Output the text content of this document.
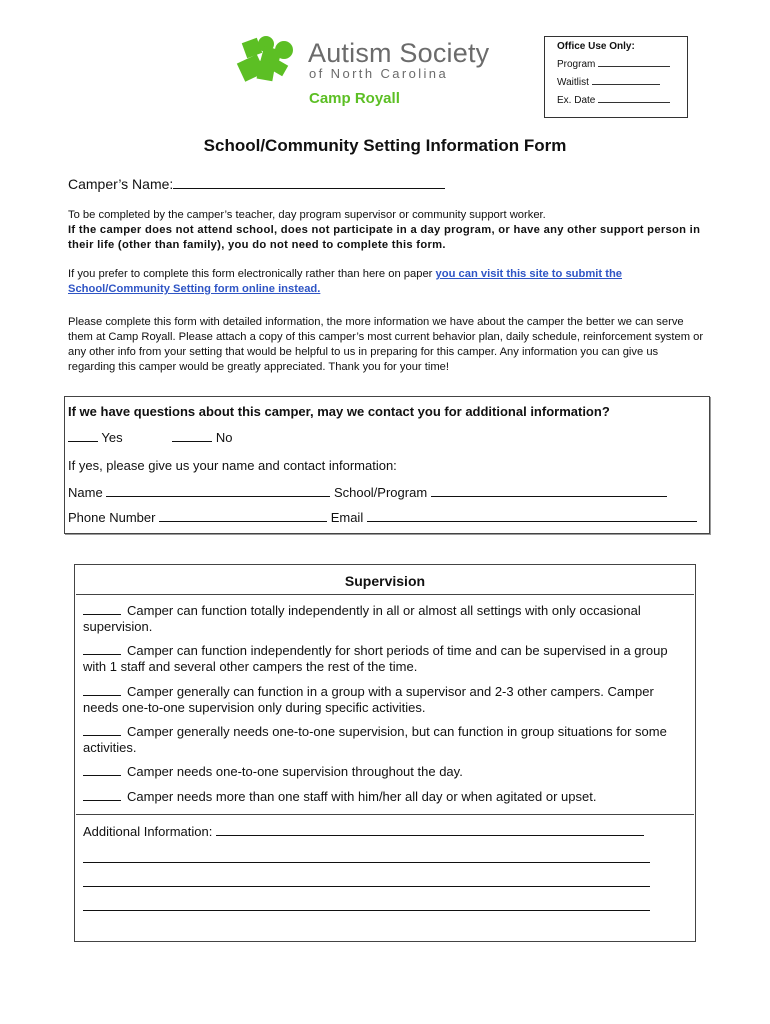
Autism Society
of North Carolina
Camp Royall
Office Use Only:
Program
Waitlist
Ex. Date
School/Community Setting Information Form
Camper’s Name:
To be completed by the camper’s teacher, day program supervisor or community support worker.
If the camper does not attend school, does not participate in a day program, or have any other support person in their life (other than family), you do not need to complete this form.
If you prefer to complete this form electronically rather than here on paper you can visit this site to submit the School/Community Setting form online instead.
Please complete this form with detailed information, the more information we have about the camper the better we can serve them at Camp Royall. Please attach a copy of this camper’s most current behavior plan, daily schedule, reinforcement system or any other info from your setting that would be helpful to us in preparing for this camper. Any information you can give us regarding this camper would be greatly appreciated. Thank you for your time!
If we have questions about this camper, may we contact you for additional information?
Yes	No
If yes, please give us your name and contact information:
Name	School/Program
Phone Number	Email
Supervision
Camper can function totally independently in all or almost all settings with only occasional supervision.
Camper can function independently for short periods of time and can be supervised in a group with 1 staff and several other campers the rest of the time.
Camper generally can function in a group with a supervisor and 2-3 other campers. Camper needs one-to-one supervision only during specific activities.
Camper generally needs one-to-one supervision, but can function in group situations for some activities.
Camper needs one-to-one supervision throughout the day.
Camper needs more than one staff with him/her all day or when agitated or upset.
Additional Information:
